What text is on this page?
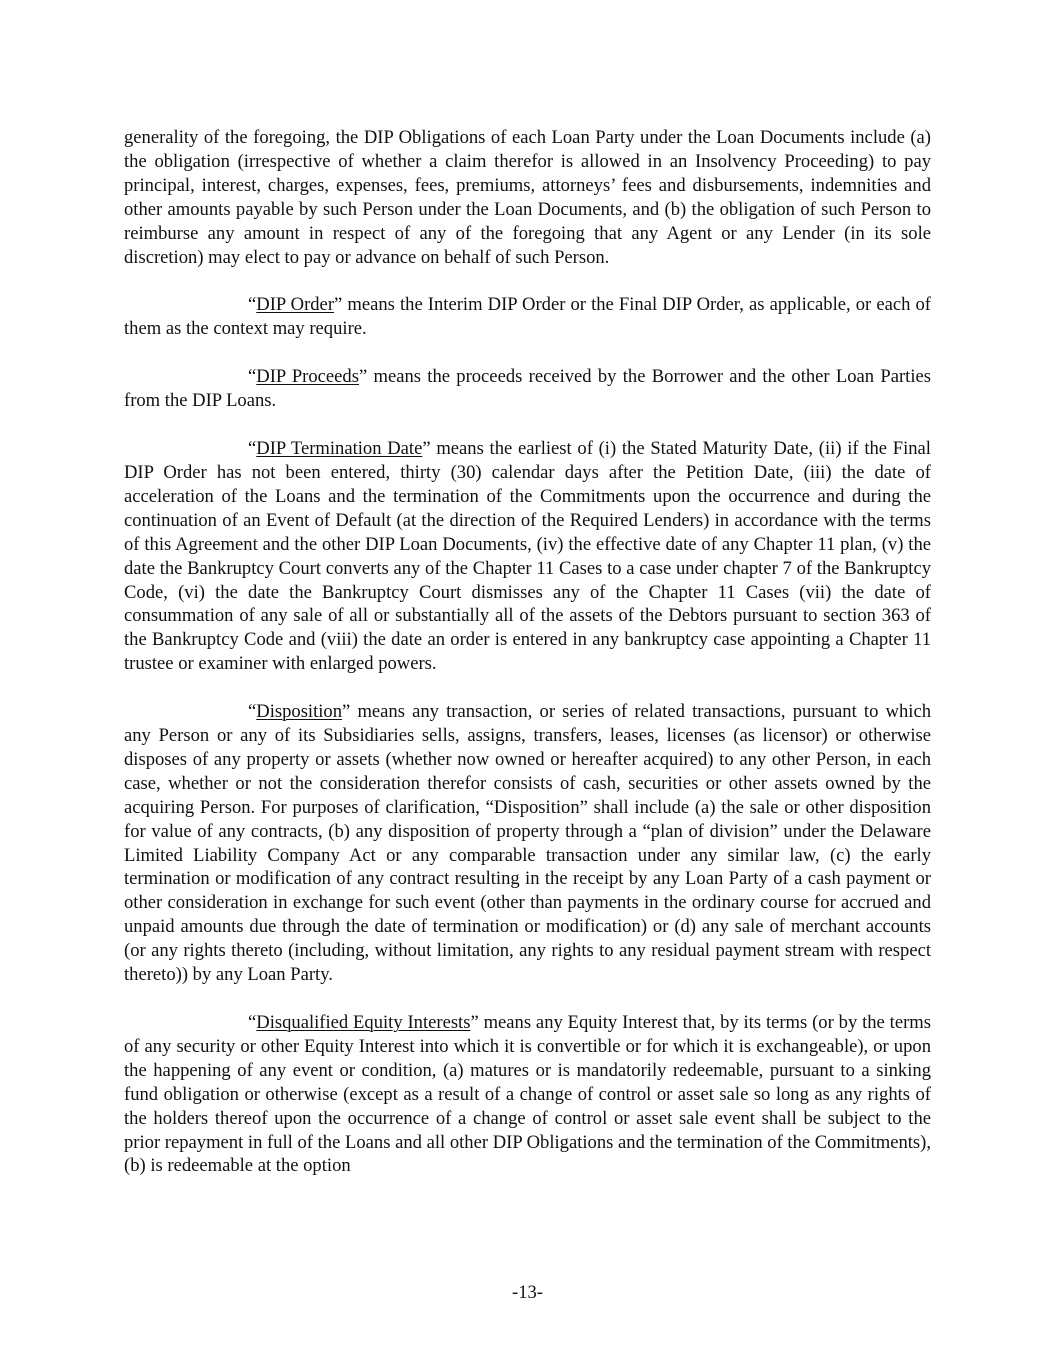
generality of the foregoing, the DIP Obligations of each Loan Party under the Loan Documents include (a) the obligation (irrespective of whether a claim therefor is allowed in an Insolvency Proceeding) to pay principal, interest, charges, expenses, fees, premiums, attorneys’ fees and disbursements, indemnities and other amounts payable by such Person under the Loan Documents, and (b) the obligation of such Person to reimburse any amount in respect of any of the foregoing that any Agent or any Lender (in its sole discretion) may elect to pay or advance on behalf of such Person.

“DIP Order” means the Interim DIP Order or the Final DIP Order, as applicable, or each of them as the context may require.

“DIP Proceeds” means the proceeds received by the Borrower and the other Loan Parties from the DIP Loans.

“DIP Termination Date” means the earliest of (i) the Stated Maturity Date, (ii) if the Final DIP Order has not been entered, thirty (30) calendar days after the Petition Date, (iii) the date of acceleration of the Loans and the termination of the Commitments upon the occurrence and during the continuation of an Event of Default (at the direction of the Required Lenders) in accordance with the terms of this Agreement and the other DIP Loan Documents, (iv) the effective date of any Chapter 11 plan, (v) the date the Bankruptcy Court converts any of the Chapter 11 Cases to a case under chapter 7 of the Bankruptcy Code, (vi) the date the Bankruptcy Court dismisses any of the Chapter 11 Cases (vii) the date of consummation of any sale of all or substantially all of the assets of the Debtors pursuant to section 363 of the Bankruptcy Code and (viii) the date an order is entered in any bankruptcy case appointing a Chapter 11 trustee or examiner with enlarged powers.

“Disposition” means any transaction, or series of related transactions, pursuant to which any Person or any of its Subsidiaries sells, assigns, transfers, leases, licenses (as licensor) or otherwise disposes of any property or assets (whether now owned or hereafter acquired) to any other Person, in each case, whether or not the consideration therefor consists of cash, securities or other assets owned by the acquiring Person. For purposes of clarification, “Disposition” shall include (a) the sale or other disposition for value of any contracts, (b) any disposition of property through a “plan of division” under the Delaware Limited Liability Company Act or any comparable transaction under any similar law, (c) the early termination or modification of any contract resulting in the receipt by any Loan Party of a cash payment or other consideration in exchange for such event (other than payments in the ordinary course for accrued and unpaid amounts due through the date of termination or modification) or (d) any sale of merchant accounts (or any rights thereto (including, without limitation, any rights to any residual payment stream with respect thereto)) by any Loan Party.

“Disqualified Equity Interests” means any Equity Interest that, by its terms (or by the terms of any security or other Equity Interest into which it is convertible or for which it is exchangeable), or upon the happening of any event or condition, (a) matures or is mandatorily redeemable, pursuant to a sinking fund obligation or otherwise (except as a result of a change of control or asset sale so long as any rights of the holders thereof upon the occurrence of a change of control or asset sale event shall be subject to the prior repayment in full of the Loans and all other DIP Obligations and the termination of the Commitments), (b) is redeemable at the option

-13-
